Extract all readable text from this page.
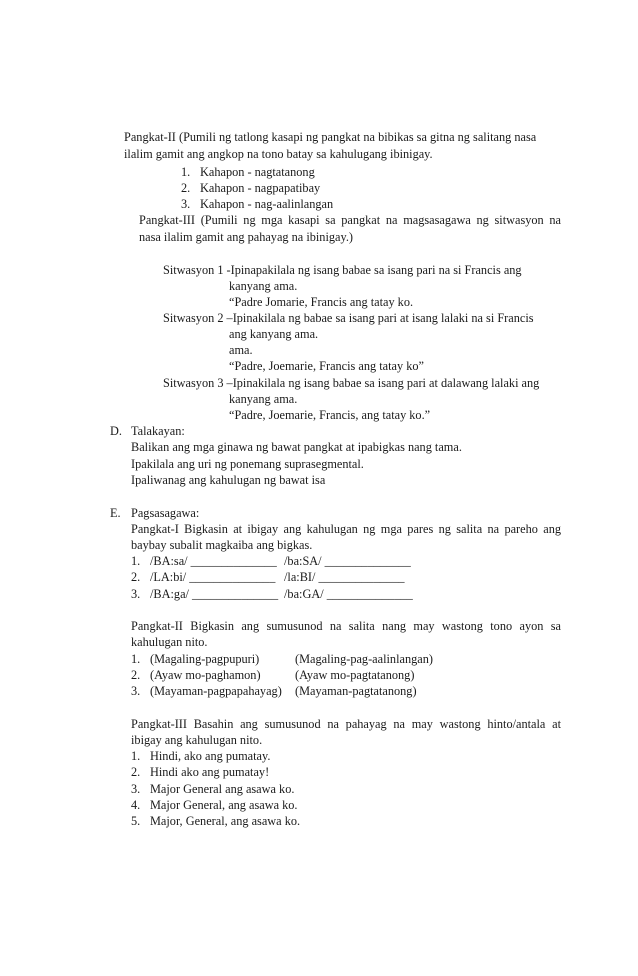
Pangkat-II (Pumili ng tatlong kasapi ng pangkat na bibikas sa gitna ng salitang nasa
ilalim gamit ang angkop na tono batay sa kahulugang ibinigay.
1. Kahapon - nagtatanong
2. Kahapon - nagpapatibay
3. Kahapon - nag-aalinlangan
Pangkat-III (Pumili ng mga kasapi sa pangkat na magsasagawa ng sitwasyon na
nasa ilalim gamit ang pahayag na ibinigay.)
Sitwasyon 1 -Ipinapakilala ng isang babae sa isang pari na si Francis ang
kanyang ama.
“Padre Jomarie, Francis ang tatay ko.
Sitwasyon 2 –Ipinakilala ng babae sa isang pari at isang lalaki na si Francis
ang kanyang ama.
ama.
“Padre, Joemarie, Francis ang tatay ko”
Sitwasyon 3 –Ipinakilala ng isang babae sa isang pari at dalawang lalaki ang
kanyang ama.
“Padre, Joemarie, Francis, ang tatay ko.”
D. Talakayan:
Balikan ang mga ginawa ng bawat pangkat at ipabigkas nang tama.
Ipakilala ang uri ng ponemang suprasegmental.
Ipaliwanag ang kahulugan ng bawat isa
E. Pagsasagawa:
Pangkat-I Bigkasin at ibigay ang kahulugan ng mga pares ng salita na pareho ang
baybay subalit magkaiba ang bigkas.
1. /BA:sa/ ______________ /ba:SA/ ______________
2. /LA:bi/ ______________ /la:BI/ ______________
3. /BA:ga/ ______________ /ba:GA/ ______________
Pangkat-II Bigkasin ang sumusunod na salita nang may wastong tono ayon sa
kahulugan nito.
1. (Magaling-pagpupuri)	(Magaling-pag-aalinlangan)
2. (Ayaw mo-paghamon)	(Ayaw mo-pagtatanong)
3. (Mayaman-pagpapahayag) (Mayaman-pagtatanong)
Pangkat-III Basahin ang sumusunod na pahayag na may wastong hinto/antala at
ibigay ang kahulugan nito.
1. Hindi, ako ang pumatay.
2. Hindi ako ang pumatay!
3. Major General ang asawa ko.
4. Major General, ang asawa ko.
5. Major, General, ang asawa ko.
